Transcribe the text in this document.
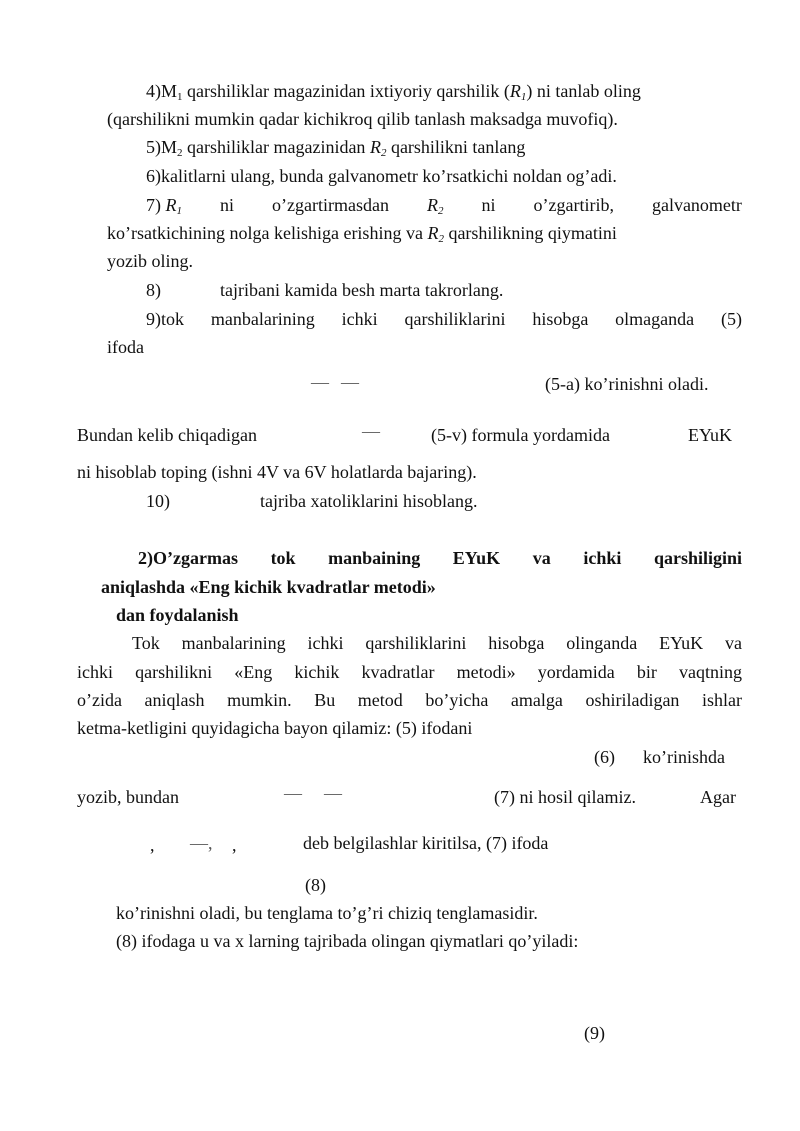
$4)M_1$ qarshiliklar magazinidan ixtiyoriy qarshilik $(R_1)$ ni tanlab oling
(qarshilikni mumkin qadar kichikroq qilib tanlash maksadga muvofiq).
$5)M_2$ qarshiliklar magazinidan $R_2$ qarshilikni tanlang
6)kalitlarni ulang, bunda galvanometr ko’rsatkichi noldan og’adi.
7) $R_1$ ni o’zgartirmasdan $R_2$ ni o’zgartirib, galvanometr
ko’rsatkichining nolga kelishiga erishing va $R_2$ qarshilikning qiymatini
yozib oling.
8)	tajribani kamida besh marta takrorlang.
9)tok manbalarining ichki qarshiliklarini hisobga olmaganda (5)
ifoda
— —	(5-a) ko’rinishni oladi.
Bundan kelib chiqadigan	—	(5-v) formula yordamida	EYuK
ni hisoblab toping (ishni 4V va 6V holatlarda bajaring).
10)	tajriba xatoliklarini hisoblang.
2)O’zgarmas tok manbaining EYuK va ichki qarshiligini
aniqlashda «Eng kichik kvadratlar metodi»
dan foydalanish
Tok manbalarining ichki qarshiliklarini hisobga olinganda EYuK va
ichki qarshilikni «Eng kichik kvadratlar metodi» yordamida bir vaqtning
o’zida aniqlash mumkin. Bu metod bo’yicha amalga oshiriladigan ishlar
ketma-ketligini quyidagicha bayon qilamiz: (5) ifodani
(6) ko’rinishda
yozib, bundan	— —	(7) ni hosil qilamiz.	Agar
, —, ,	deb belgilashlar kiritilsa, (7) ifoda
(8)
ko’rinishni oladi, bu tenglama to’g’ri chiziq tenglamasidir.
(8) ifodaga u va x larning tajribada olingan qiymatlari qo’yiladi:
(9)
